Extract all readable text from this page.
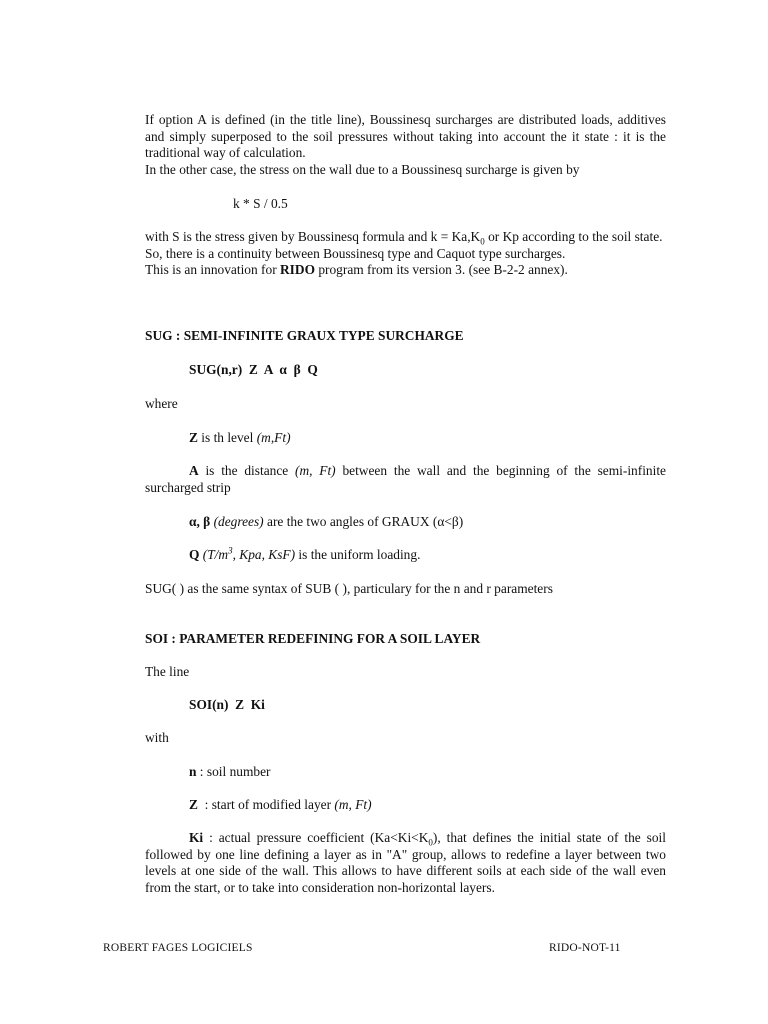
If option A is defined (in the title line), Boussinesq surcharges are distributed loads, additives and simply superposed to the soil pressures without taking into account the it state : it is the traditional way of calculation.
In the other case, the stress on the wall due to a Boussinesq surcharge is given by
k * S / 0.5
with S is the stress given by Boussinesq formula and $k = Ka,K_0$ or Kp according to the soil state.
So, there is a continuity between Boussinesq type and Caquot type surcharges.
This is an innovation for RIDO program from its version 3. (see B-2-2 annex).
SUG : SEMI-INFINITE GRAUX TYPE SURCHARGE
SUG(n,r)  Z  A  α  β  Q
where
Z is th level (m,Ft)
A is the distance (m, Ft) between the wall and the beginning of the semi-infinite surcharged strip
α, β (degrees) are the two angles of GRAUX (α<β)
Q ($T/m^3$, Kpa, KsF) is the uniform loading.
SUG( ) as the same syntax of SUB ( ), particulary for the n and r parameters
SOI : PARAMETER REDEFINING FOR A SOIL LAYER
The line
SOI(n)  Z  Ki
with
n : soil number
Z  : start of modified layer (m, Ft)
Ki : actual pressure coefficient $(Ka<Ki<K_0)$, that defines the initial state of the soil followed by one line defining a layer as in "A" group, allows to redefine a layer between two levels at one side of the wall. This allows to have different soils at each side of the wall even from the start, or to take into consideration non-horizontal layers.
ROBERT FAGES LOGICIELS	RIDO-NOT-11
